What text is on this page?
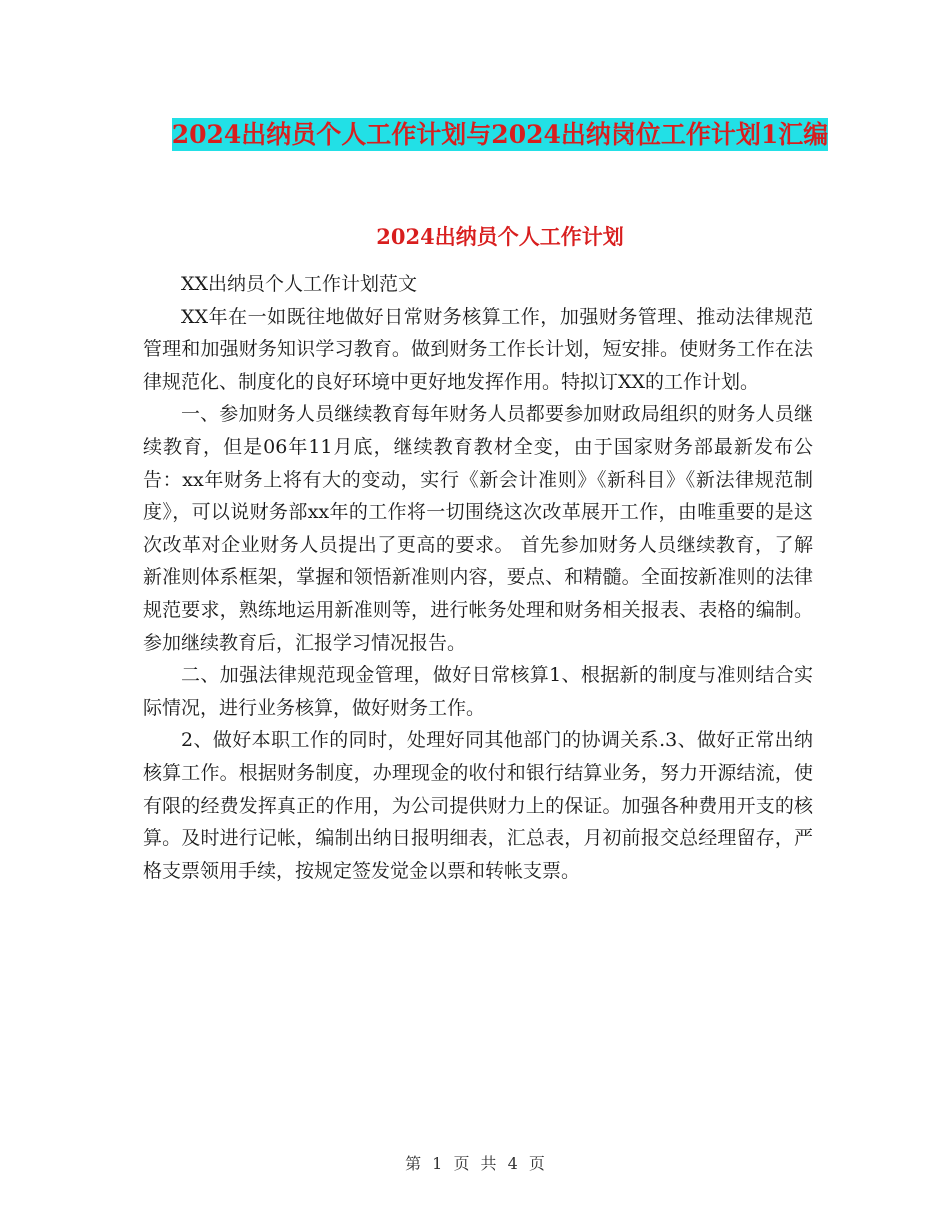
2024出纳员个人工作计划与2024出纳岗位工作计划1汇编
2024出纳员个人工作计划

XX出纳员个人工作计划范文

XX年在一如既往地做好日常财务核算工作，加强财务管理、推动法律规范管理和加强财务知识学习教育。做到财务工作长计划，短安排。使财务工作在法律规范化、制度化的良好环境中更好地发挥作用。特拟订XX的工作计划。

一、参加财务人员继续教育每年财务人员都要参加财政局组织的财务人员继续教育，但是06年11月底，继续教育教材全变，由于国家财务部最新发布公告：xx年财务上将有大的变动，实行《新会计准则》《新科目》《新法律规范制度》，可以说财务部xx年的工作将一切围绕这次改革展开工作，由唯重要的是这次改革对企业财务人员提出了更高的要求。 首先参加财务人员继续教育，了解新准则体系框架，掌握和领悟新准则内容，要点、和精髓。全面按新准则的法律规范要求，熟练地运用新准则等，进行帐务处理和财务相关报表、表格的编制。 参加继续教育后，汇报学习情况报告。

二、加强法律规范现金管理，做好日常核算1、根据新的制度与准则结合实际情况，进行业务核算，做好财务工作。

2、做好本职工作的同时，处理好同其他部门的协调关系.3、做好正常出纳核算工作。根据财务制度，办理现金的收付和银行结算业务，努力开源结流，使有限的经费发挥真正的作用，为公司提供财力上的保证。加强各种费用开支的核算。及时进行记帐，编制出纳日报明细表，汇总表，月初前报交总经理留存，严格支票领用手续，按规定签发觉金以票和转帐支票。

第 1 页 共 4 页
